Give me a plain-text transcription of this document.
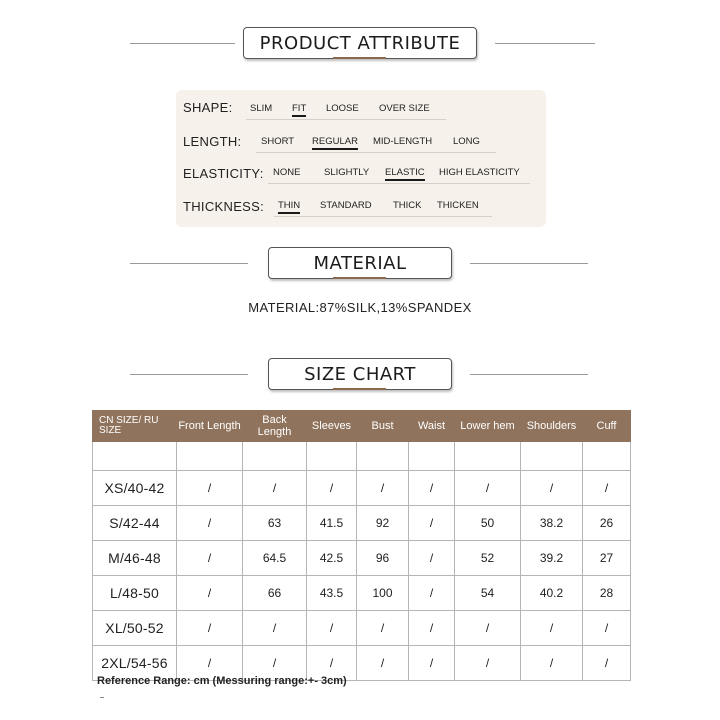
PRODUCT ATTRIBUTE
SHAPE: SLIM FIT LOOSE OVER SIZE
LENGTH: SHORT REGULAR MID-LENGTH LONG
ELASTICITY: NONE SLIGHTLY ELASTIC HIGH ELASTICITY
THICKNESS: THIN STANDARD THICK THICKEN
MATERIAL
MATERIAL:87%SILK,13%SPANDEX
SIZE CHART
CN SIZE/ RU SIZE	Front Length	Back Length	Sleeves	Bust	Waist	Lower hem	Shoulders	Cuff

XS/40-42	/	/	/	/	/	/	/	/
S/42-44	/	63	41.5	92	/	50	38.2	26
M/46-48	/	64.5	42.5	96	/	52	39.2	27
L/48-50	/	66	43.5	100	/	54	40.2	28
XL/50-52	/	/	/	/	/	/	/	/
2XL/54-56	/	/	/	/	/	/	/	/
Reference Range: cm (Messuring range:+- 3cm)
